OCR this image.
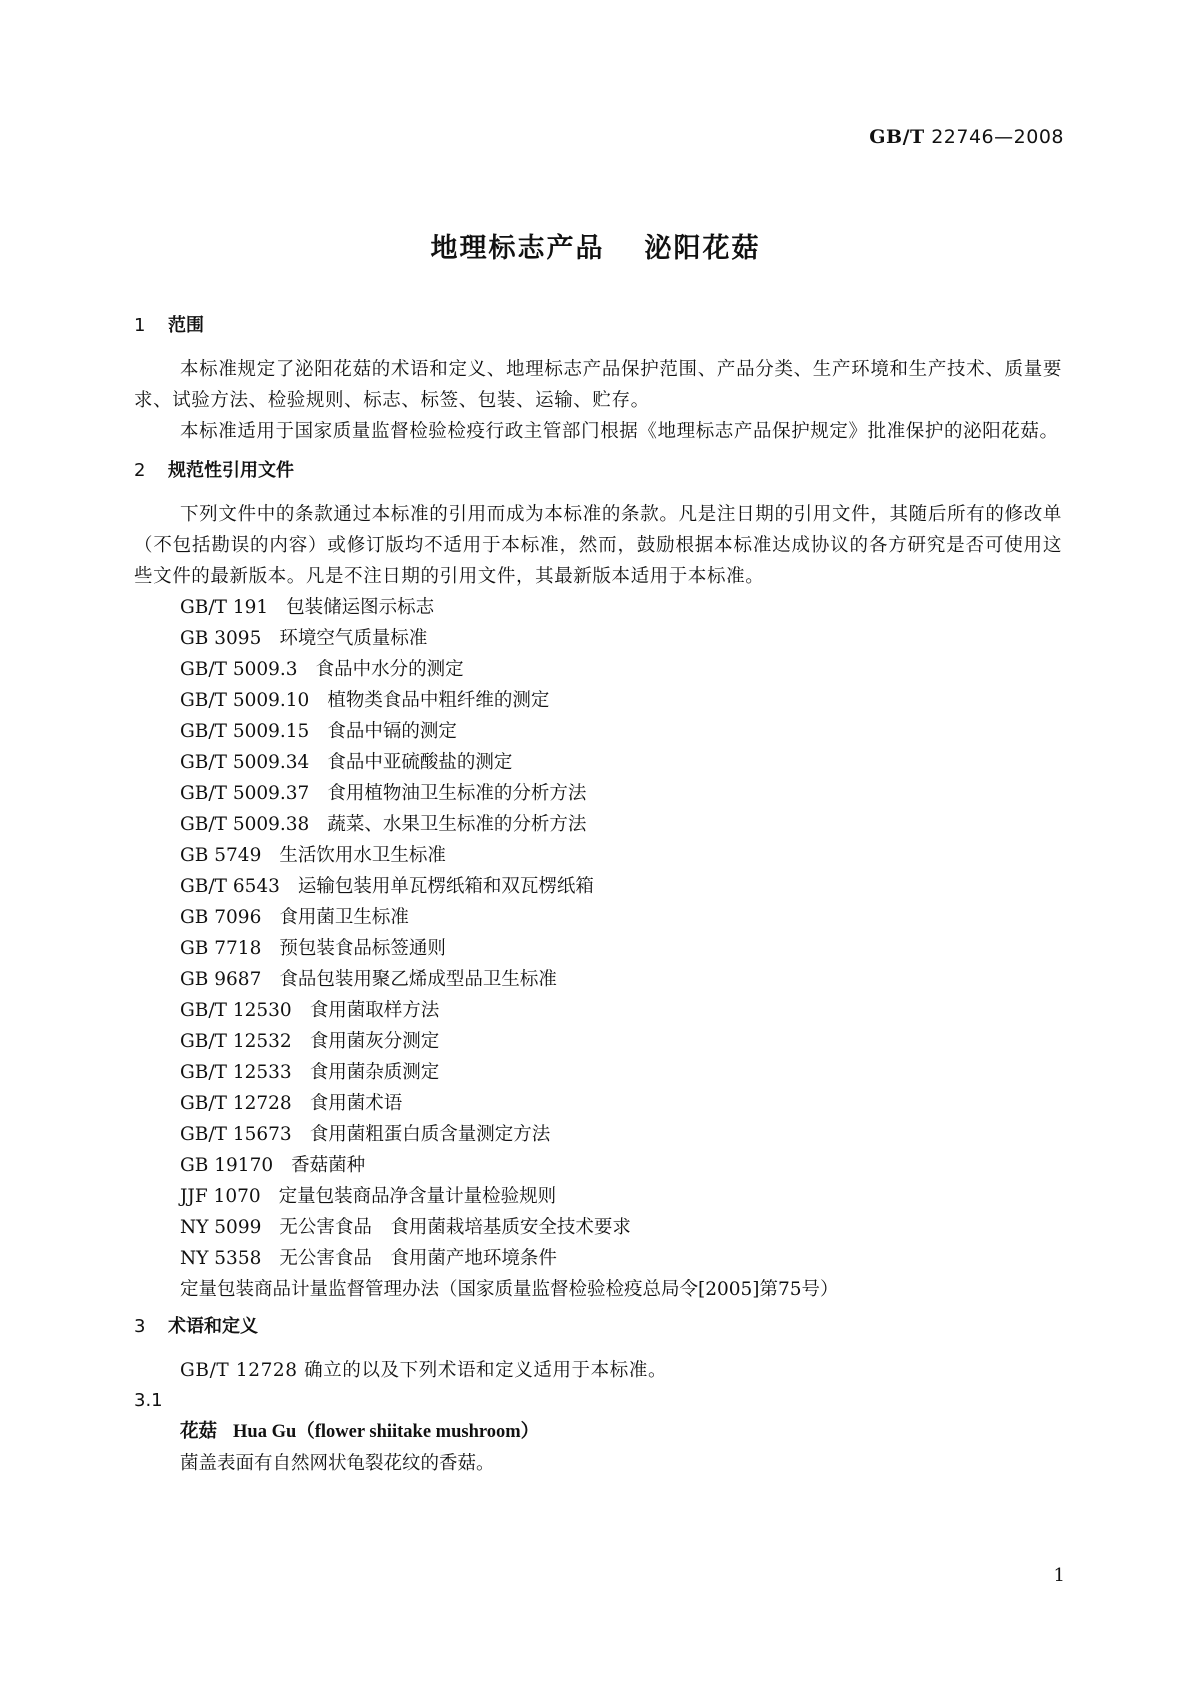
GB/T 22746—2008
地理标志产品 泌阳花菇

1 范围

本标准规定了泌阳花菇的术语和定义、地理标志产品保护范围、产品分类、生产环境和生产技术、质量要求、试验方法、检验规则、标志、标签、包装、运输、贮存。

本标准适用于国家质量监督检验检疫行政主管部门根据《地理标志产品保护规定》批准保护的泌阳花菇。

2 规范性引用文件

下列文件中的条款通过本标准的引用而成为本标准的条款。凡是注日期的引用文件，其随后所有的修改单（不包括勘误的内容）或修订版均不适用于本标准，然而，鼓励根据本标准达成协议的各方研究是否可使用这些文件的最新版本。凡是不注日期的引用文件，其最新版本适用于本标准。

GB/T 191 包装储运图示标志
GB 3095 环境空气质量标准
GB/T 5009.3 食品中水分的测定
GB/T 5009.10 植物类食品中粗纤维的测定
GB/T 5009.15 食品中镉的测定
GB/T 5009.34 食品中亚硫酸盐的测定
GB/T 5009.37 食用植物油卫生标准的分析方法
GB/T 5009.38 蔬菜、水果卫生标准的分析方法
GB 5749 生活饮用水卫生标准
GB/T 6543 运输包装用单瓦楞纸箱和双瓦楞纸箱
GB 7096 食用菌卫生标准
GB 7718 预包装食品标签通则
GB 9687 食品包装用聚乙烯成型品卫生标准
GB/T 12530 食用菌取样方法
GB/T 12532 食用菌灰分测定
GB/T 12533 食用菌杂质测定
GB/T 12728 食用菌术语
GB/T 15673 食用菌粗蛋白质含量测定方法
GB 19170 香菇菌种
JJF 1070 定量包装商品净含量计量检验规则
NY 5099 无公害食品　食用菌栽培基质安全技术要求
NY 5358 无公害食品　食用菌产地环境条件
定量包装商品计量监督管理办法（国家质量监督检验检疫总局令[2005]第75号）

3 术语和定义

GB/T 12728 确立的以及下列术语和定义适用于本标准。

3.1

花菇 Hua Gu（flower shiitake mushroom）

菌盖表面有自然网状龟裂花纹的香菇。

1
